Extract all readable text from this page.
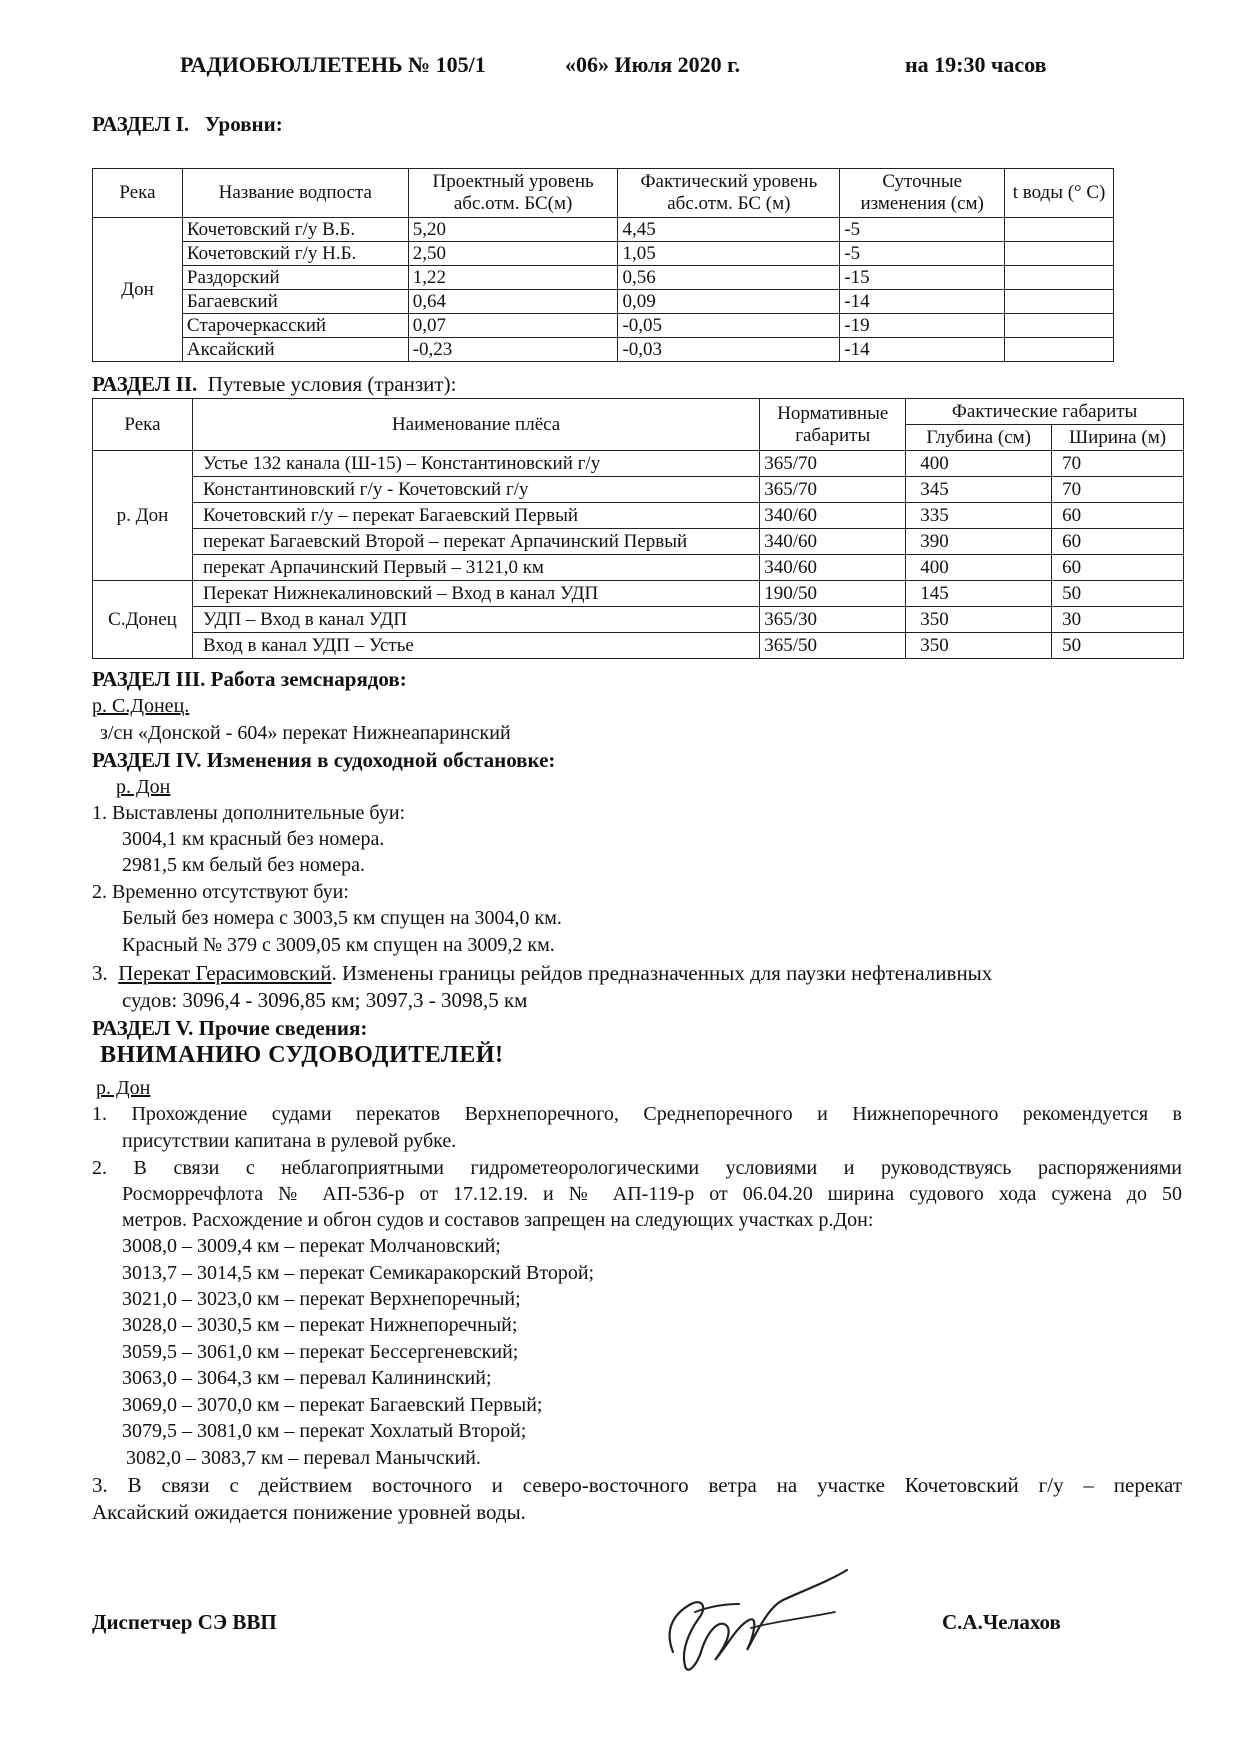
РАДИОБЮЛЛЕТЕНЬ № 105/1	«06» Июля 2020 г.	на 19:30 часов
РАЗДЕЛ I. Уровни:
Река	Название водпоста	Проектный уровень абс.отм. БС(м)	Фактический уровень абс.отм. БС (м)	Суточные изменения (см)	t воды (° С)
Дон	Кочетовский г/у В.Б.	5,20	4,45	-5	
	Кочетовский г/у Н.Б.	2,50	1,05	-5	
	Раздорский	1,22	0,56	-15	
	Багаевский	0,64	0,09	-14	
	Старочеркасский	0,07	-0,05	-19	
	Аксайский	-0,23	-0,03	-14	
РАЗДЕЛ II. Путевые условия (транзит):
Река	Наименование плёса	Нормативные габариты	Фактические габариты	
			Глубина (см)	Ширина (м)
р. Дон	Устье 132 канала (Ш-15) – Константиновский г/у	365/70	400	70
	Константиновский г/у - Кочетовский г/у	365/70	345	70
	Кочетовский г/у – перекат Багаевский Первый	340/60	335	60
	перекат Багаевский Второй – перекат Арпачинский Первый	340/60	390	60
	перекат Арпачинский Первый – 3121,0 км	340/60	400	60
С.Донец	Перекат Нижнекалиновский – Вход в канал УДП	190/50	145	50
	УДП – Вход в канал УДП	365/30	350	30
	Вход в канал УДП – Устье	365/50	350	50
РАЗДЕЛ III. Работа земснарядов:
р. С.Донец.
з/сн «Донской - 604» перекат Нижнеапаринский
РАЗДЕЛ IV. Изменения в судоходной обстановке:
р. Дон
1. Выставлены дополнительные буи:
3004,1 км красный без номера.
2981,5 км белый без номера.
2. Временно отсутствуют буи:
Белый без номера с 3003,5 км спущен на 3004,0 км.
Красный № 379 с 3009,05 км спущен на 3009,2 км.
3. Перекат Герасимовский. Изменены границы рейдов предназначенных для паузки нефтеналивных
судов: 3096,4 - 3096,85 км; 3097,3 - 3098,5 км
РАЗДЕЛ V. Прочие сведения:
ВНИМАНИЮ СУДОВОДИТЕЛЕЙ!
р. Дон
1. Прохождение судами перекатов Верхнепоречного, Среднепоречного и Нижнепоречного рекомендуется в
присутствии капитана в рулевой рубке.
2. В связи с неблагоприятными гидрометеорологическими условиями и руководствуясь распоряжениями
Росморречфлота № АП-536-р от 17.12.19. и № АП-119-р от 06.04.20 ширина судового хода сужена до 50
метров. Расхождение и обгон судов и составов запрещен на следующих участках р.Дон:
3008,0 – 3009,4 км – перекат Молчановский;
3013,7 – 3014,5 км – перекат Семикаракорский Второй;
3021,0 – 3023,0 км – перекат Верхнепоречный;
3028,0 – 3030,5 км – перекат Нижнепоречный;
3059,5 – 3061,0 км – перекат Бессергеневский;
3063,0 – 3064,3 км – перевал Калининский;
3069,0 – 3070,0 км – перекат Багаевский Первый;
3079,5 – 3081,0 км – перекат Хохлатый Второй;
3082,0 – 3083,7 км – перевал Манычский.
3. В связи с действием восточного и северо-восточного ветра на участке Кочетовский г/у – перекат
Аксайский ожидается понижение уровней воды.
Диспетчер СЭ ВВП	С.А.Челахов
